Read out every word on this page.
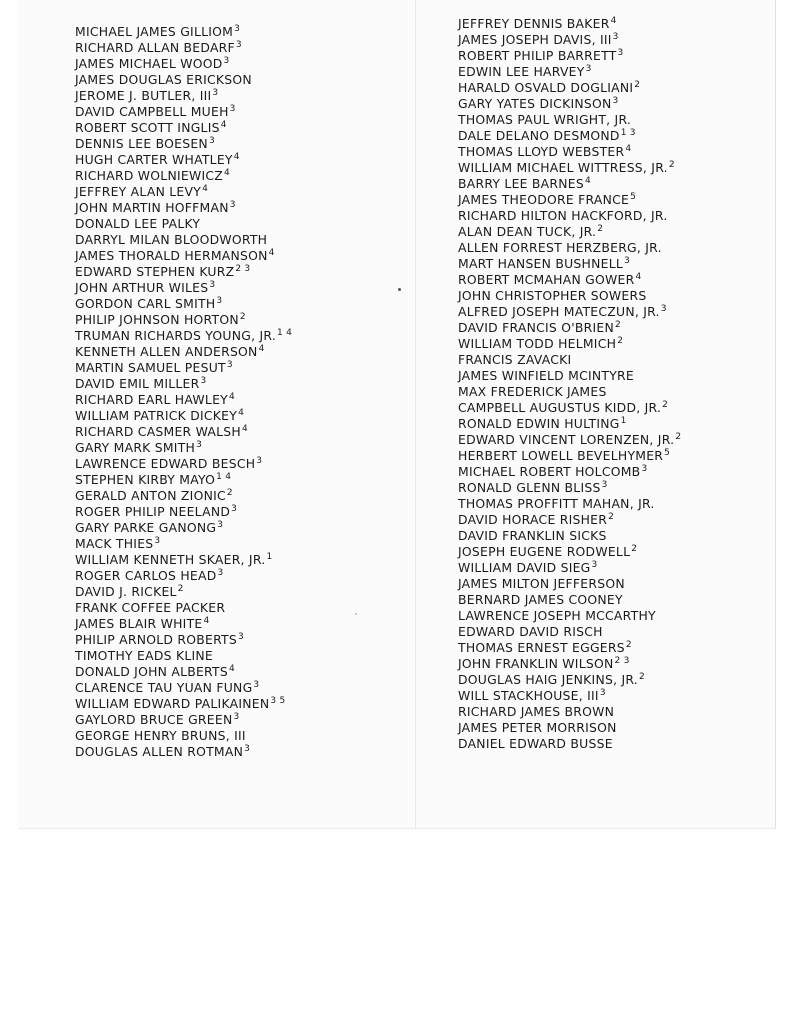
MICHAEL JAMES GILLIOM$^3$
RICHARD ALLAN BEDARF$^3$
JAMES MICHAEL WOOD$^3$
JAMES DOUGLAS ERICKSON
JEROME J. BUTLER, III$^3$
DAVID CAMPBELL MUEH$^3$
ROBERT SCOTT INGLIS$^4$
DENNIS LEE BOESEN$^3$
HUGH CARTER WHATLEY$^4$
RICHARD WOLNIEWICZ$^4$
JEFFREY ALAN LEVY$^4$
JOHN MARTIN HOFFMAN$^3$
DONALD LEE PALKY
DARRYL MILAN BLOODWORTH
JAMES THORALD HERMANSON$^4$
EDWARD STEPHEN $KURZ^{2 3}$
JOHN ARTHUR WILES$^3$
GORDON CARL SMITH$^3$
PHILIP JOHNSON HORTON$^2$
TRUMAN RICHARDS YOUNG, JR.$^{1 4}$
KENNETH ALLEN ANDERSON$^4$
MARTIN SAMUEL PESUT$^3$
DAVID EMIL MILLER$^3$
RICHARD EARL HAWLEY$^4$
WILLIAM PATRICK DICKEY$^4$
RICHARD CASMER WALSH$^4$
GARY MARK SMITH$^3$
LAWRENCE EDWARD BESCH$^3$
STEPHEN KIRBY $MAYO^{1 4}$
GERALD ANTON ZIONIC$^2$
ROGER PHILIP NEELAND$^3$
GARY PARKE GANONG$^3$
MACK THIES$^3$
WILLIAM KENNETH SKAER, JR.$^1$
ROGER CARLOS HEAD$^3$
DAVID J. RICKEL$^2$
FRANK COFFEE PACKER
JAMES BLAIR WHITE$^4$
PHILIP ARNOLD ROBERTS$^3$
TIMOTHY EADS KLINE
DONALD JOHN ALBERTS$^4$
CLARENCE TAU YUAN FUNG$^3$
WILLIAM EDWARD $PALIKAINEN^{3 5}$
GAYLORD BRUCE GREEN$^3$
GEORGE HENRY BRUNS, III
DOUGLAS ALLEN ROTMAN$^3$
JEFFREY DENNIS BAKER$^4$
JAMES JOSEPH DAVIS, III$^3$
ROBERT PHILIP BARRETT$^3$
EDWIN LEE HARVEY$^3$
HARALD OSVALD DOGLIANI$^2$
GARY YATES DICKINSON$^3$
THOMAS PAUL WRIGHT, JR.
DALE DELANO $DESMOND^{1 3}$
THOMAS LLOYD WEBSTER$^4$
WILLIAM MICHAEL WITTRESS, JR.$^2$
BARRY LEE BARNES$^4$
JAMES THEODORE FRANCE$^5$
RICHARD HILTON HACKFORD, JR.
ALAN DEAN TUCK, JR.$^2$
ALLEN FORREST HERZBERG, JR.
MART HANSEN BUSHNELL$^3$
ROBERT MCMAHAN GOWER$^4$
JOHN CHRISTOPHER SOWERS
ALFRED JOSEPH MATECZUN, JR.$^3$
DAVID FRANCIS O'BRIEN$^2$
WILLIAM TODD HELMICH$^2$
FRANCIS ZAVACKI
JAMES WINFIELD MCINTYRE
MAX FREDERICK JAMES
CAMPBELL AUGUSTUS KIDD, JR.$^2$
RONALD EDWIN HULTING$^1$
EDWARD VINCENT LORENZEN, JR.$^2$
HERBERT LOWELL BEVELHYMER$^5$
MICHAEL ROBERT HOLCOMB$^3$
RONALD GLENN BLISS$^3$
THOMAS PROFFITT MAHAN, JR.
DAVID HORACE RISHER$^2$
DAVID FRANKLIN SICKS
JOSEPH EUGENE RODWELL$^2$
WILLIAM DAVID SIEG$^3$
JAMES MILTON JEFFERSON
BERNARD JAMES COONEY
LAWRENCE JOSEPH MCCARTHY
EDWARD DAVID RISCH
THOMAS ERNEST EGGERS$^2$
JOHN FRANKLIN $WILSON^{2 3}$
DOUGLAS HAIG JENKINS, JR.$^2$
WILL STACKHOUSE, III$^3$
RICHARD JAMES BROWN
JAMES PETER MORRISON
DANIEL EDWARD BUSSE
